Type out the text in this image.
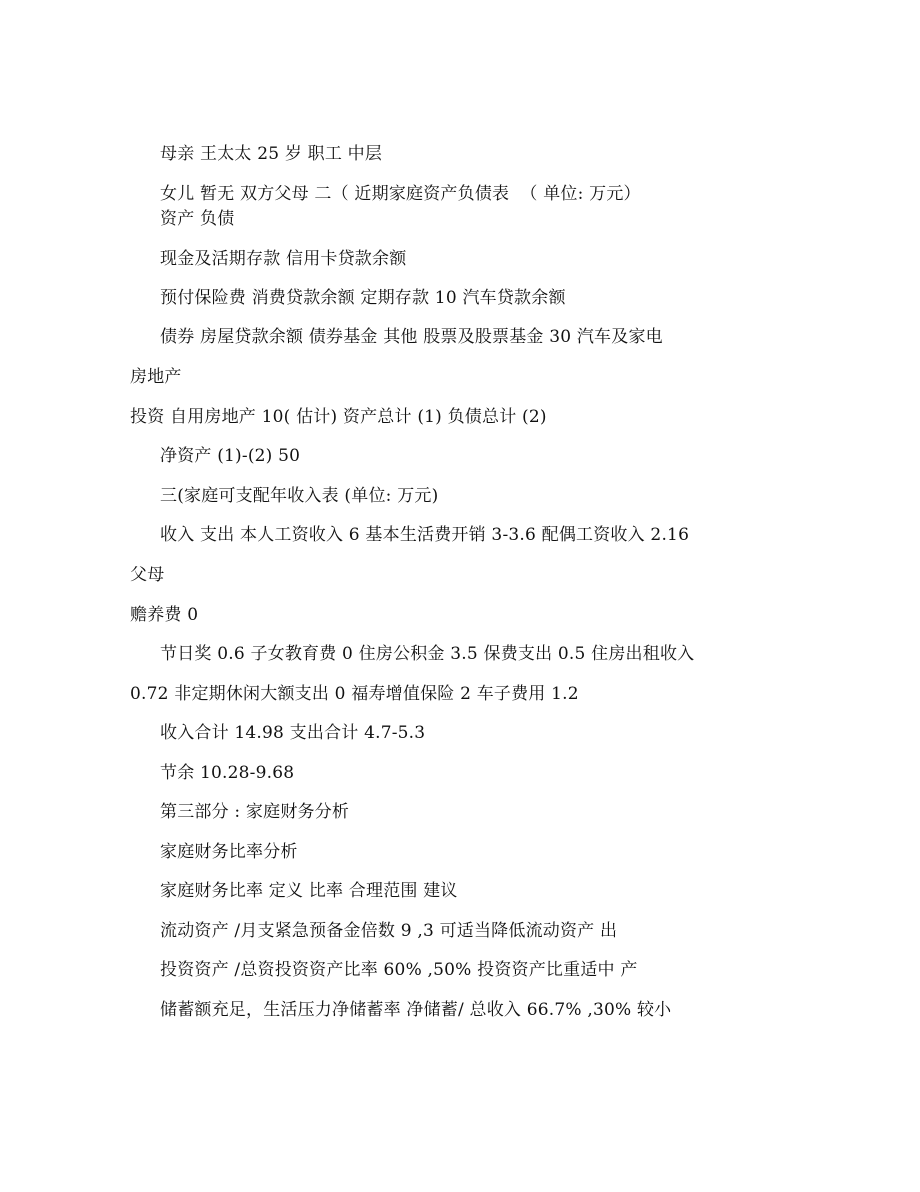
母亲 王太太 25 岁 职工 中层
女儿 暂无 双方父母 二（ 近期家庭资产负债表  （ 单位: 万元）
资产 负债
现金及活期存款 信用卡贷款余额
预付保险费 消费贷款余额 定期存款 10 汽车贷款余额
债券 房屋贷款余额 债券基金 其他 股票及股票基金 30 汽车及家电
房地产
投资 自用房地产 10( 估计) 资产总计 (1) 负债总计 (2)
净资产 (1)-(2) 50
三(家庭可支配年收入表 (单位: 万元)
收入 支出 本人工资收入 6 基本生活费开销 3-3.6 配偶工资收入 2.16
父母
赡养费 0
节日奖 0.6 子女教育费 0 住房公积金 3.5 保费支出 0.5 住房出租收入
0.72 非定期休闲大额支出 0 福寿增值保险 2 车子费用 1.2
收入合计 14.98 支出合计 4.7-5.3
节余 10.28-9.68
第三部分 : 家庭财务分析
家庭财务比率分析
家庭财务比率 定义 比率 合理范围 建议
流动资产 /月支紧急预备金倍数 9 ,3 可适当降低流动资产 出
投资资产 /总资投资资产比率 60% ,50% 投资资产比重适中 产
储蓄额充足，生活压力净储蓄率 净储蓄/ 总收入 66.7% ,30% 较小
